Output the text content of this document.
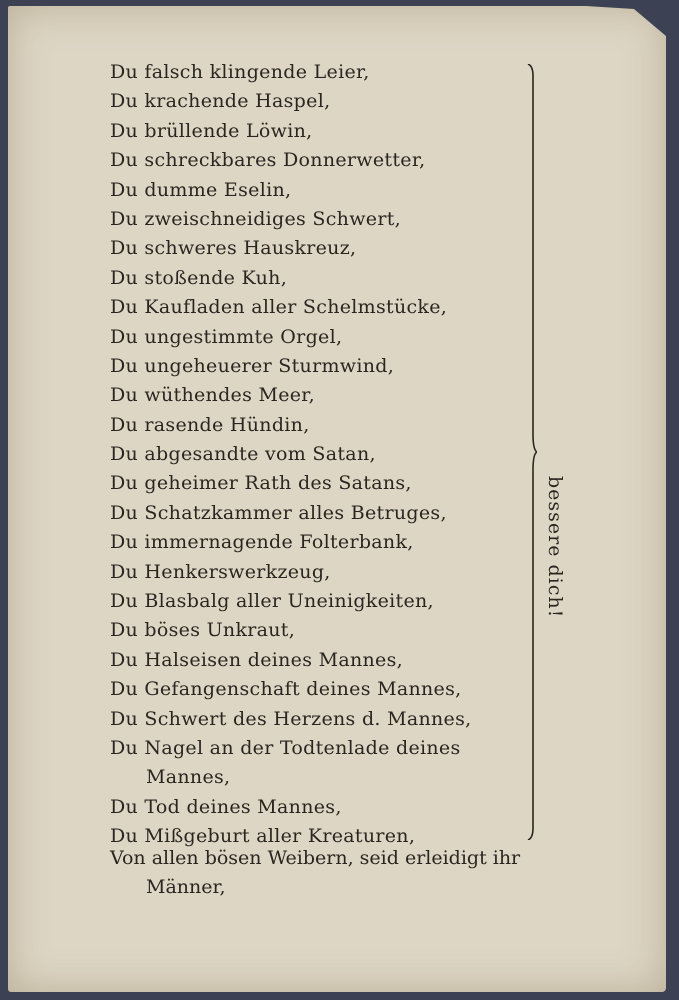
Du falsch klingende Leier,
Du krachende Haspel,
Du brüllende Löwin,
Du schreckbares Donnerwetter,
Du dumme Eselin,
Du zweischneidiges Schwert,
Du schweres Hauskreuz,
Du stoßende Kuh,
Du Kaufladen aller Schelmstücke,
Du ungestimmte Orgel,
Du ungeheuerer Sturmwind,
Du wüthendes Meer,
Du rasende Hündin,
Du abgesandte vom Satan,
Du geheimer Rath des Satans,
Du Schatzkammer alles Betruges,
Du immernagende Folterbank,
Du Henkerswerkzeug,
Du Blasbalg aller Uneinigkeiten,
Du böses Unkraut,
Du Halseisen deines Mannes,
Du Gefangenschaft deines Mannes,
Du Schwert des Herzens d. Mannes,
Du Nagel an der Todtenlade deines
Mannes,
Du Tod deines Mannes,
Du Mißgeburt aller Kreaturen,
bessere dich!
Von allen bösen Weibern, seid erleidigt ihr
Männer,
